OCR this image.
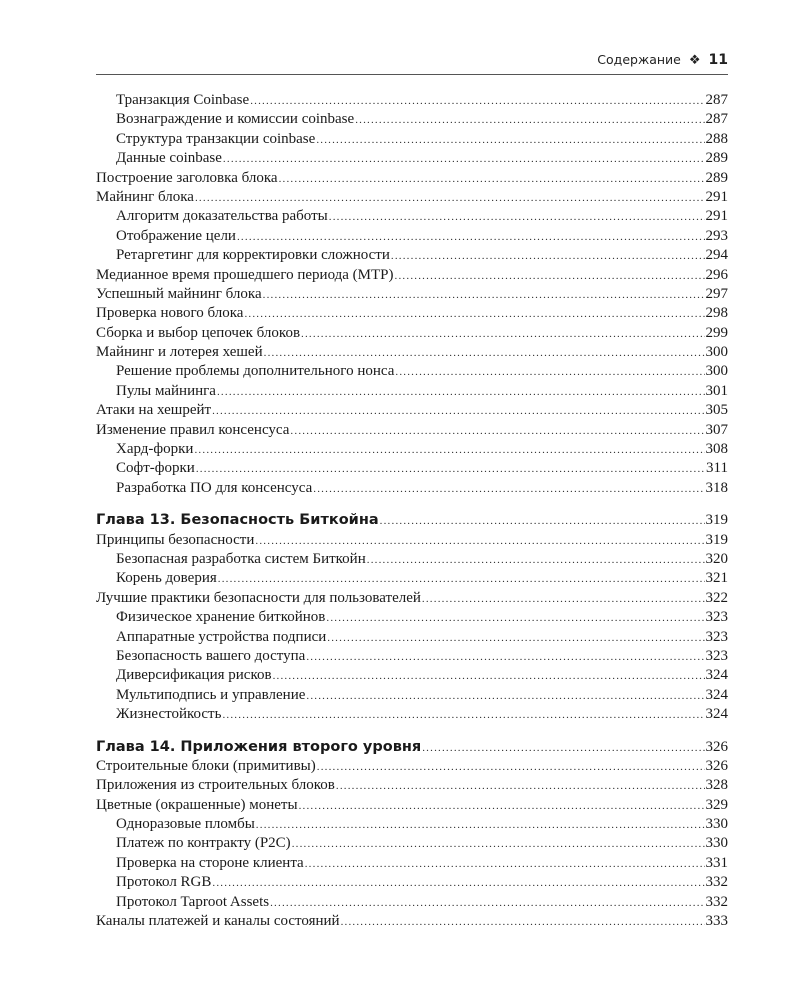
Содержание ❖ 11
Транзакция Coinbase .....	287
Вознаграждение и комиссии coinbase .....	287
Структура транзакции coinbase .....	288
Данные coinbase .....	289
Построение заголовка блока .....	289
Майнинг блока .....	291
Алгоритм доказательства работы .....	291
Отображение цели .....	293
Ретаргетинг для корректировки сложности .....	294
Медианное время прошедшего периода (MTP) .....	296
Успешный майнинг блока .....	297
Проверка нового блока .....	298
Сборка и выбор цепочек блоков .....	299
Майнинг и лотерея хешей .....	300
Решение проблемы дополнительного нонса .....	300
Пулы майнинга .....	301
Атаки на хешрейт .....	305
Изменение правил консенсуса .....	307
Хард-форки .....	308
Софт-форки .....	311
Разработка ПО для консенсуса .....	318
Глава 13. Безопасность Биткойна .....	319
Принципы безопасности .....	319
Безопасная разработка систем Биткойн .....	320
Корень доверия .....	321
Лучшие практики безопасности для пользователей .....	322
Физическое хранение биткойнов .....	323
Аппаратные устройства подписи .....	323
Безопасность вашего доступа .....	323
Диверсификация рисков .....	324
Мультиподпись и управление .....	324
Жизнестойкость .....	324
Глава 14. Приложения второго уровня .....	326
Строительные блоки (примитивы) .....	326
Приложения из строительных блоков .....	328
Цветные (окрашенные) монеты .....	329
Одноразовые пломбы .....	330
Платеж по контракту (P2C) .....	330
Проверка на стороне клиента .....	331
Протокол RGB .....	332
Протокол Taproot Assets .....	332
Каналы платежей и каналы состояний .....	333
